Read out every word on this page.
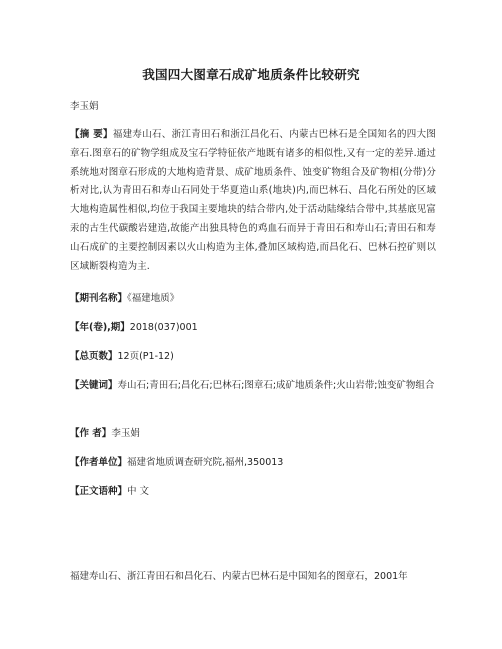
我国四大图章石成矿地质条件比较研究
李玉娟
【摘 要】福建寿山石、浙江青田石和浙江昌化石、内蒙古巴林石是全国知名的四大图章石.图章石的矿物学组成及宝石学特征依产地既有诸多的相似性,又有一定的差异.通过系统地对图章石形成的大地构造背景、成矿地质条件、蚀变矿物组合及矿物相(分带)分析对比,认为青田石和寿山石同处于华夏造山系(地块)内,而巴林石、昌化石所处的区域大地构造属性相似,均位于我国主要地块的结合带内,处于活动陆缘结合带中,其基底见富汞的古生代碳酸岩建造,故能产出独具特色的鸡血石而异于青田石和寿山石;青田石和寿山石成矿的主要控制因素以火山构造为主体,叠加区域构造,而昌化石、巴林石控矿则以区域断裂构造为主.
【期刊名称】《福建地质》
【年(卷),期】2018(037)001
【总页数】12页(P1-12)
【关键词】寿山石;青田石;昌化石;巴林石;图章石;成矿地质条件;火山岩带;蚀变矿物组合
【作 者】李玉娟
【作者单位】福建省地质调查研究院,福州,350013
【正文语种】中 文
福建寿山石、浙江青田石和昌化石、内蒙古巴林石是中国知名的图章石，2001年
